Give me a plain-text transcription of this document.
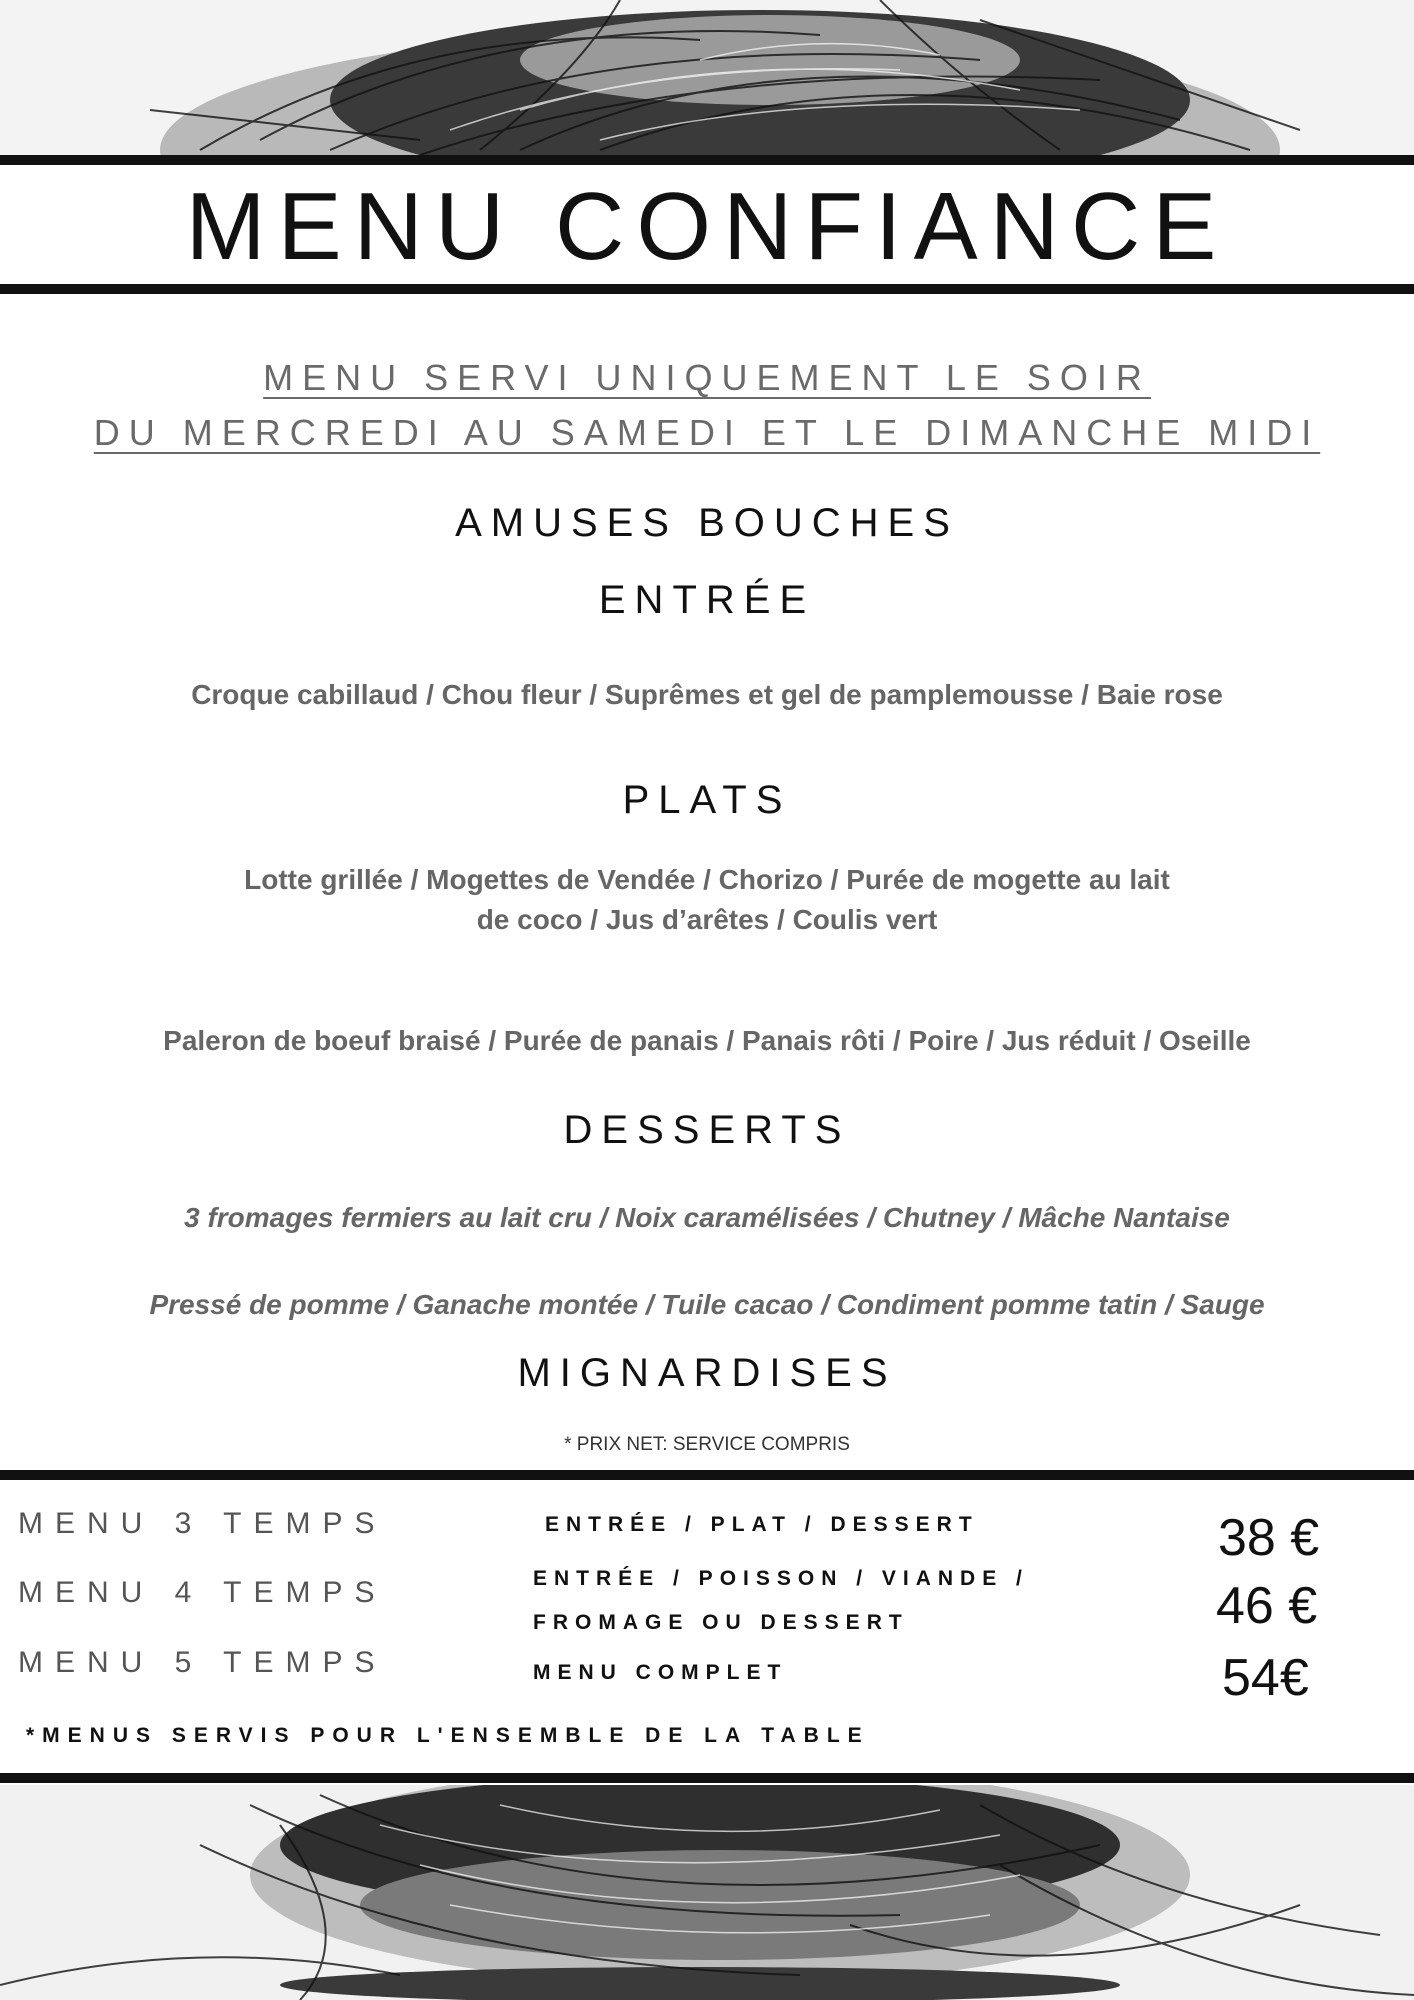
MENU CONFIANCE
MENU SERVI UNIQUEMENT LE SOIR
DU MERCREDI AU SAMEDI ET LE DIMANCHE MIDI
AMUSES BOUCHES
ENTRÉE
Croque cabillaud / Chou fleur / Suprêmes et gel de pamplemousse / Baie rose
PLATS
Lotte grillée / Mogettes de Vendée / Chorizo / Purée de mogette au lait
de coco / Jus d’arêtes / Coulis vert
Paleron de boeuf braisé / Purée de panais / Panais rôti / Poire / Jus réduit / Oseille
DESSERTS
3 fromages fermiers au lait cru / Noix caramélisées / Chutney / Mâche Nantaise
Pressé de pomme / Ganache montée / Tuile cacao / Condiment pomme tatin / Sauge
MIGNARDISES
* PRIX NET: SERVICE COMPRIS
MENU 3 TEMPS	ENTRÉE / PLAT / DESSERT	38 €
MENU 4 TEMPS	ENTRÉE / POISSON / VIANDE /
FROMAGE OU DESSERT	46 €
MENU 5 TEMPS	MENU COMPLET	54€
*MENUS SERVIS POUR L'ENSEMBLE DE LA TABLE
